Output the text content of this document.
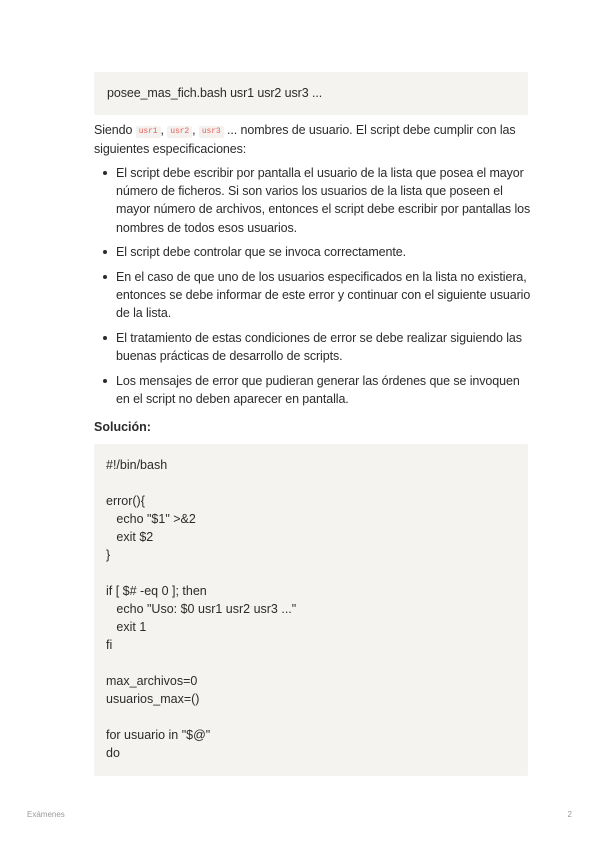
posee_mas_fich.bash usr1 usr2 usr3 ...
Siendo usr1 , usr2 , usr3 ... nombres de usuario. El script debe cumplir con las siguientes especificaciones:
El script debe escribir por pantalla el usuario de la lista que posea el mayor número de ficheros. Si son varios los usuarios de la lista que poseen el mayor número de archivos, entonces el script debe escribir por pantallas los nombres de todos esos usuarios.
El script debe controlar que se invoca correctamente.
En el caso de que uno de los usuarios especificados en la lista no existiera, entonces se debe informar de este error y continuar con el siguiente usuario de la lista.
El tratamiento de estas condiciones de error se debe realizar siguiendo las buenas prácticas de desarrollo de scripts.
Los mensajes de error que pudieran generar las órdenes que se invoquen en el script no deben aparecer en pantalla.
Solución:
#!/bin/bash

error(){
echo "$1" >&2
exit $2
}

if [ $# -eq 0 ]; then
echo "Uso: $0 usr1 usr2 usr3 ..."
exit 1
fi

max_archivos=0
usuarios_max=()

for usuario in "$@"
do
Exámenes	2
